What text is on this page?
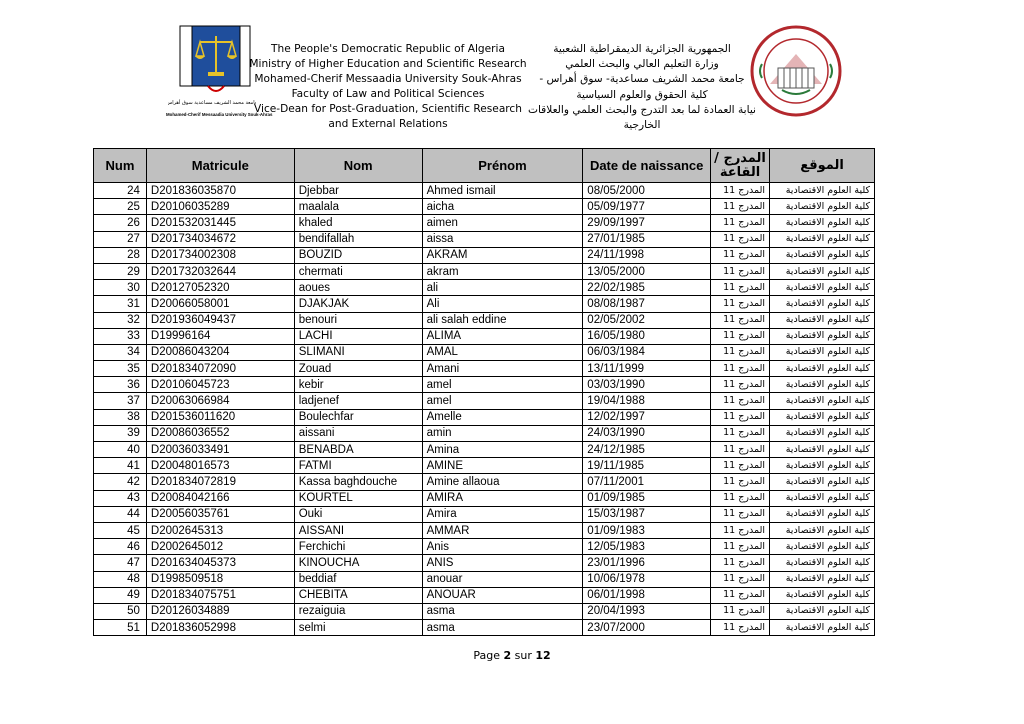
جامعة محمد الشريف مساعدية سوق أهراس
Mohamed-Cherif Messaadia University Souk-Ahras
The People's Democratic Republic of Algeria
Ministry of Higher Education and Scientific Research
Mohamed-Cherif Messaadia University Souk-Ahras
Faculty of Law and Political Sciences
Vice-Dean for Post-Graduation, Scientific Research
and External Relations
الجمهورية الجزائرية الديمقراطية الشعبية
وزارة التعليم العالي والبحث العلمي
جامعة محمد الشريف مساعدية- سوق أهراس -
كلية الحقوق والعلوم السياسية
نيابة العمادة لما بعد التدرج والبحث العلمي والعلاقات
الخارجية
Num	Matricule	Nom	Prénom	Date de naissance	المدرج / القاعة	الموقع
24	D201836035870	Djebbar	Ahmed ismail	08/05/2000	المدرج 11	كلية العلوم الاقتصادية
25	D20106035289	maalala	aicha	05/09/1977	المدرج 11	كلية العلوم الاقتصادية
26	D201532031445	khaled	aimen	29/09/1997	المدرج 11	كلية العلوم الاقتصادية
27	D201734034672	bendifallah	aissa	27/01/1985	المدرج 11	كلية العلوم الاقتصادية
28	D201734002308	BOUZID	AKRAM	24/11/1998	المدرج 11	كلية العلوم الاقتصادية
29	D201732032644	chermati	akram	13/05/2000	المدرج 11	كلية العلوم الاقتصادية
30	D20127052320	aoues	ali	22/02/1985	المدرج 11	كلية العلوم الاقتصادية
31	D20066058001	DJAKJAK	Ali	08/08/1987	المدرج 11	كلية العلوم الاقتصادية
32	D201936049437	benouri	ali salah eddine	02/05/2002	المدرج 11	كلية العلوم الاقتصادية
33	D19996164	LACHI	ALIMA	16/05/1980	المدرج 11	كلية العلوم الاقتصادية
34	D20086043204	SLIMANI	AMAL	06/03/1984	المدرج 11	كلية العلوم الاقتصادية
35	D201834072090	Zouad	Amani	13/11/1999	المدرج 11	كلية العلوم الاقتصادية
36	D20106045723	kebir	amel	03/03/1990	المدرج 11	كلية العلوم الاقتصادية
37	D20063066984	ladjenef	amel	19/04/1988	المدرج 11	كلية العلوم الاقتصادية
38	D201536011620	Boulechfar	Amelle	12/02/1997	المدرج 11	كلية العلوم الاقتصادية
39	D20086036552	aissani	amin	24/03/1990	المدرج 11	كلية العلوم الاقتصادية
40	D20036033491	BENABDA	Amina	24/12/1985	المدرج 11	كلية العلوم الاقتصادية
41	D20048016573	FATMI	AMINE	19/11/1985	المدرج 11	كلية العلوم الاقتصادية
42	D201834072819	Kassa baghdouche	Amine allaoua	07/11/2001	المدرج 11	كلية العلوم الاقتصادية
43	D20084042166	KOURTEL	AMIRA	01/09/1985	المدرج 11	كلية العلوم الاقتصادية
44	D20056035761	Ouki	Amira	15/03/1987	المدرج 11	كلية العلوم الاقتصادية
45	D2002645313	AISSANI	AMMAR	01/09/1983	المدرج 11	كلية العلوم الاقتصادية
46	D2002645012	Ferchichi	Anis	12/05/1983	المدرج 11	كلية العلوم الاقتصادية
47	D201634045373	KINOUCHA	ANIS	23/01/1996	المدرج 11	كلية العلوم الاقتصادية
48	D1998509518	beddiaf	anouar	10/06/1978	المدرج 11	كلية العلوم الاقتصادية
49	D201834075751	CHEBITA	ANOUAR	06/01/1998	المدرج 11	كلية العلوم الاقتصادية
50	D20126034889	rezaiguia	asma	20/04/1993	المدرج 11	كلية العلوم الاقتصادية
51	D201836052998	selmi	asma	23/07/2000	المدرج 11	كلية العلوم الاقتصادية
Page 2 sur 12
